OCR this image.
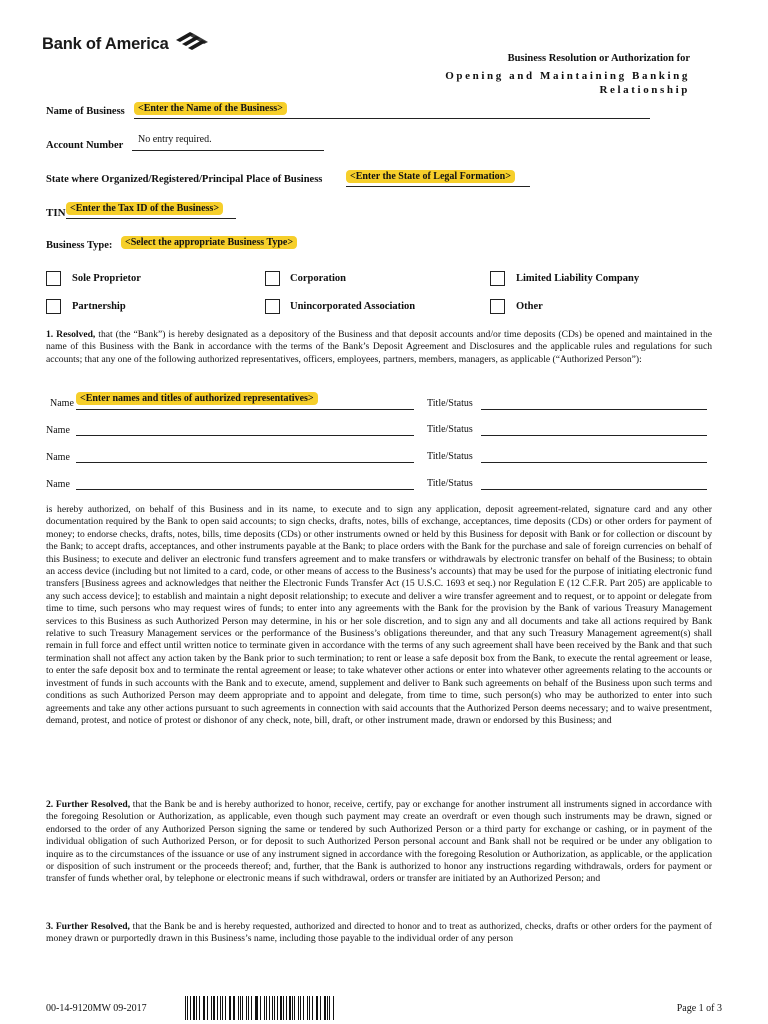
Bank of America
Business Resolution or Authorization for
Opening and Maintaining Banking
Relationship
Name of Business	<Enter the Name of the Business>
Account Number
No entry required.
State where Organized/Registered/Principal Place of Business	<Enter the State of Legal Formation>
TIN <Enter the Tax ID of the Business>
Business Type:	<Select the appropriate Business Type>
Sole Proprietor	Corporation	Limited Liability Company
Partnership	Unincorporated Association	Other
1. Resolved, that (the “Bank”) is hereby designated as a depository of the Business and that deposit accounts and/or time deposits (CDs) be opened and maintained in the name of this Business with the Bank in accordance with the terms of the Bank’s Deposit Agreement and Disclosures and the applicable rules and regulations for such accounts; that any one of the following authorized representatives, officers, employees, partners, members, managers, as applicable (“Authorized Person”):
Name <Enter names and titles of authorized representatives>	Title/Status
Name	Title/Status
Name	Title/Status
Name	Title/Status
is hereby authorized, on behalf of this Business and in its name, to execute and to sign any application, deposit agreement-related, signature card and any other documentation required by the Bank to open said accounts; to sign checks, drafts, notes, bills of exchange, acceptances, time deposits (CDs) or other orders for payment of money; to endorse checks, drafts, notes, bills, time deposits (CDs) or other instruments owned or held by this Business for deposit with Bank or for collection or discount by the Bank; to accept drafts, acceptances, and other instruments payable at the Bank; to place orders with the Bank for the purchase and sale of foreign currencies on behalf of this Business; to execute and deliver an electronic fund transfers agreement and to make transfers or withdrawals by electronic transfer on behalf of the Business; to obtain an access device (including but not limited to a card, code, or other means of access to the Business’s accounts) that may be used for the purpose of initiating electronic fund transfers [Business agrees and acknowledges that neither the Electronic Funds Transfer Act (15 U.S.C. 1693 et seq.) nor Regulation E (12 C.F.R. Part 205) are applicable to any such access device]; to establish and maintain a night deposit relationship; to execute and deliver a wire transfer agreement and to request, or to appoint or delegate from time to time, such persons who may request wires of funds; to enter into any agreements with the Bank for the provision by the Bank of various Treasury Management services to this Business as such Authorized Person may determine, in his or her sole discretion, and to sign any and all documents and take all actions required by Bank relative to such Treasury Management services or the performance of the Business’s obligations thereunder, and that any such Treasury Management agreement(s) shall remain in full force and effect until written notice to terminate given in accordance with the terms of any such agreement shall have been received by the Bank and that such termination shall not affect any action taken by the Bank prior to such termination; to rent or lease a safe deposit box from the Bank, to execute the rental agreement or lease, to enter the safe deposit box and to terminate the rental agreement or lease; to take whatever other actions or enter into whatever other agreements relating to the accounts or investment of funds in such accounts with the Bank and to execute, amend, supplement and deliver to Bank such agreements on behalf of the Business upon such terms and conditions as such Authorized Person may deem appropriate and to appoint and delegate, from time to time, such person(s) who may be authorized to enter into such agreements and take any other actions pursuant to such agreements in connection with said accounts that the Authorized Person deems necessary; and to waive presentment, demand, protest, and notice of protest or dishonor of any check, note, bill, draft, or other instrument made, drawn or endorsed by this Business; and
2. Further Resolved, that the Bank be and is hereby authorized to honor, receive, certify, pay or exchange for another instrument all instruments signed in accordance with the foregoing Resolution or Authorization, as applicable, even though such payment may create an overdraft or even though such instruments may be drawn, signed or endorsed to the order of any Authorized Person signing the same or tendered by such Authorized Person or a third party for exchange or cashing, or in payment of the individual obligation of such Authorized Person, or for deposit to such Authorized Person personal account and Bank shall not be required or be under any obligation to inquire as to the circumstances of the issuance or use of any instrument signed in accordance with the foregoing Resolution or Authorization, as applicable, or the application or disposition of such instrument or the proceeds thereof; and, further, that the Bank is authorized to honor any instructions regarding withdrawals, orders for payment or transfer of funds whether oral, by telephone or electronic means if such withdrawal, orders or transfer are initiated by an Authorized Person; and
3. Further Resolved, that the Bank be and is hereby requested, authorized and directed to honor and to treat as authorized, checks, drafts or other orders for the payment of money drawn or purportedly drawn in this Business’s name, including those payable to the individual order of any person
00-14-9120MW 09-2017	Page 1 of 3
